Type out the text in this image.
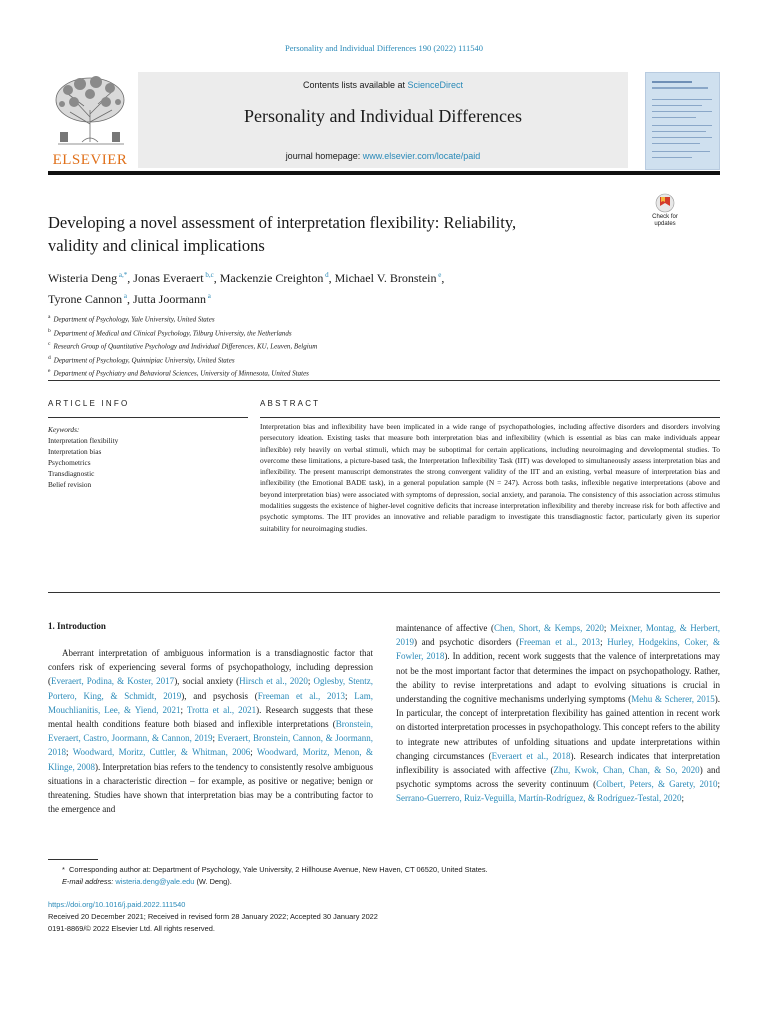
Personality and Individual Differences 190 (2022) 111540
ELSEVIER
Contents lists available at ScienceDirect
Personality and Individual Differences
journal homepage: www.elsevier.com/locate/paid
Check for
updates
Developing a novel assessment of interpretation flexibility: Reliability,
validity and clinical implications
Wisteria Deng $^{a,*}$, Jonas Everaert $^{b,c}$, Mackenzie Creighton $^d$, Michael V. Bronstein $^e$,
Tyrone Cannon $^a$, Jutta Joormann $^a$
$^a$ Department of Psychology, Yale University, United States
$^b$ Department of Medical and Clinical Psychology, Tilburg University, the Netherlands
$^c$ Research Group of Quantitative Psychology and Individual Differences, KU, Leuven, Belgium
$^d$ Department of Psychology, Quinnipiac University, United States
$^e$ Department of Psychiatry and Behavioral Sciences, University of Minnesota, United States
ARTICLE INFO	ABSTRACT
Keywords:
Interpretation flexibility
Interpretation bias
Psychometrics
Transdiagnostic
Belief revision
Interpretation bias and inflexibility have been implicated in a wide range of psychopathologies, including affective disorders and disorders involving persecutory ideation. Existing tasks that measure both interpretation bias and inflexibility (which is essential as bias can make individuals appear inflexible) rely heavily on verbal stimuli, which may be suboptimal for certain applications, including neuroimaging and developmental studies. To overcome these limitations, a picture-based task, the Interpretation Inflexibility Task (IIT) was developed to simultaneously assess interpretation bias and inflexibility. The present manuscript demonstrates the strong convergent validity of the IIT and an existing, verbal measure of interpretation bias and inflexibility (the Emotional BADE task), in a general population sample (N = 247). Across both tasks, inflexible negative interpretations (above and beyond interpretation bias) were associated with symptoms of depression, social anxiety, and paranoia. The consistency of this association across stimulus modalities suggests the existence of higher-level cognitive deficits that increase interpretation inflexibility and thereby increase risk for both affective and psychotic symptoms. The IIT provides an innovative and reliable paradigm to investigate this transdiagnostic factor, particularly given its superior suitability for neuroimaging studies.
1. Introduction
Aberrant interpretation of ambiguous information is a transdiagnostic factor that confers risk of experiencing several forms of psychopathology, including depression (Everaert, Podina, & Koster, 2017), social anxiety (Hirsch et al., 2020; Oglesby, Stentz, Portero, King, & Schmidt, 2019), and psychosis (Freeman et al., 2013; Lam, Mouchlianitis, Lee, & Yiend, 2021; Trotta et al., 2021). Research suggests that these mental health conditions feature both biased and inflexible interpretations (Bronstein, Everaert, Castro, Joormann, & Cannon, 2019; Everaert, Bronstein, Cannon, & Joormann, 2018; Woodward, Moritz, Cuttler, & Whitman, 2006; Woodward, Moritz, Menon, & Klinge, 2008). Interpretation bias refers to the tendency to consistently resolve ambiguous situations in a characteristic direction – for example, as positive or negative; benign or threatening. Studies have shown that interpretation bias may be a contributing factor to the emergence and
maintenance of affective (Chen, Short, & Kemps, 2020; Meixner, Montag, & Herbert, 2019) and psychotic disorders (Freeman et al., 2013; Hurley, Hodgekins, Coker, & Fowler, 2018). In addition, recent work suggests that the valence of interpretations may not be the most important factor that determines the impact on psychopathology. Rather, the ability to revise interpretations and adapt to evolving situations is crucial in understanding the cognitive mechanisms underlying symptoms (Mehu & Scherer, 2015). In particular, the concept of interpretation flexibility has gained attention in recent work on distorted interpretation processes in psychopathology. This concept refers to the ability to integrate new attributes of unfolding situations and update interpretations within changing circumstances (Everaert et al., 2018). Research indicates that interpretation inflexibility is associated with affective (Zhu, Kwok, Chan, Chan, & So, 2020) and psychotic symptoms across the severity continuum (Colbert, Peters, & Garety, 2010; Serrano-Guerrero, Ruiz-Veguilla, Martín-Rodríguez, & Rodríguez-Testal, 2020;
* Corresponding author at: Department of Psychology, Yale University, 2 Hillhouse Avenue, New Haven, CT 06520, United States.
E-mail address: wisteria.deng@yale.edu (W. Deng).
https://doi.org/10.1016/j.paid.2022.111540
Received 20 December 2021; Received in revised form 28 January 2022; Accepted 30 January 2022
0191-8869/© 2022 Elsevier Ltd. All rights reserved.
